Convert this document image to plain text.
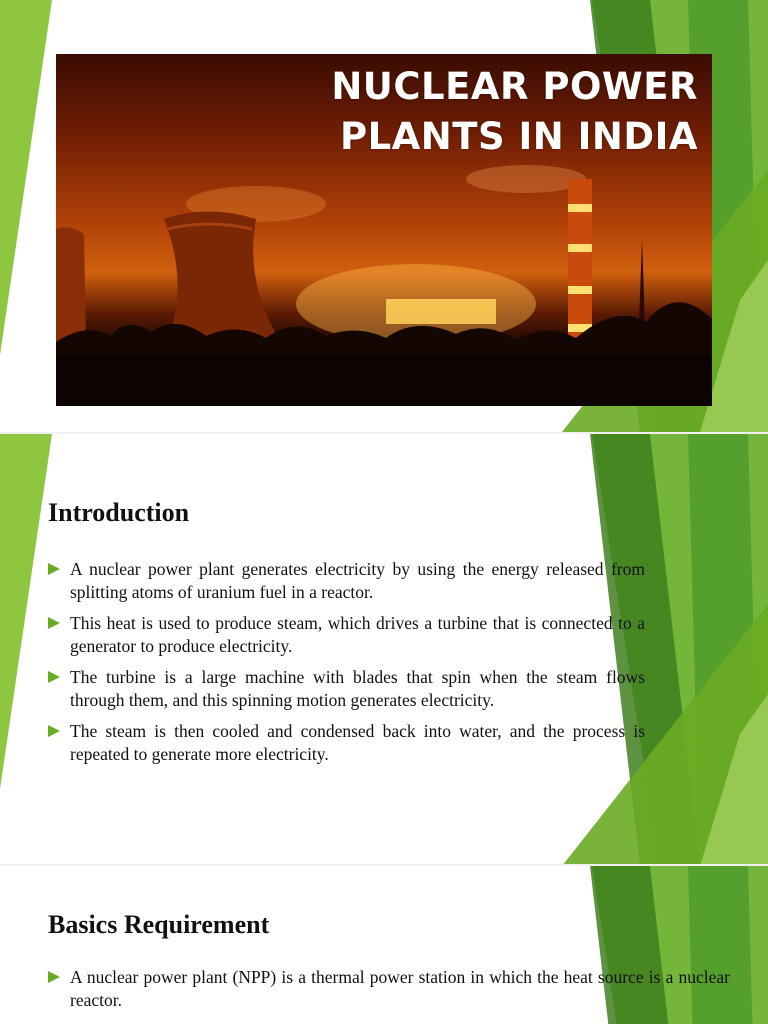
NUCLEAR POWER
PLANTS IN INDIA
Introduction
A nuclear power plant generates electricity by using the energy released from splitting atoms of uranium fuel in a reactor.
This heat is used to produce steam, which drives a turbine that is connected to a generator to produce electricity.
The turbine is a large machine with blades that spin when the steam flows through them, and this spinning motion generates electricity.
The steam is then cooled and condensed back into water, and the process is repeated to generate more electricity.
Basics Requirement
A nuclear power plant (NPP) is a thermal power station in which the heat source is a nuclear reactor.
